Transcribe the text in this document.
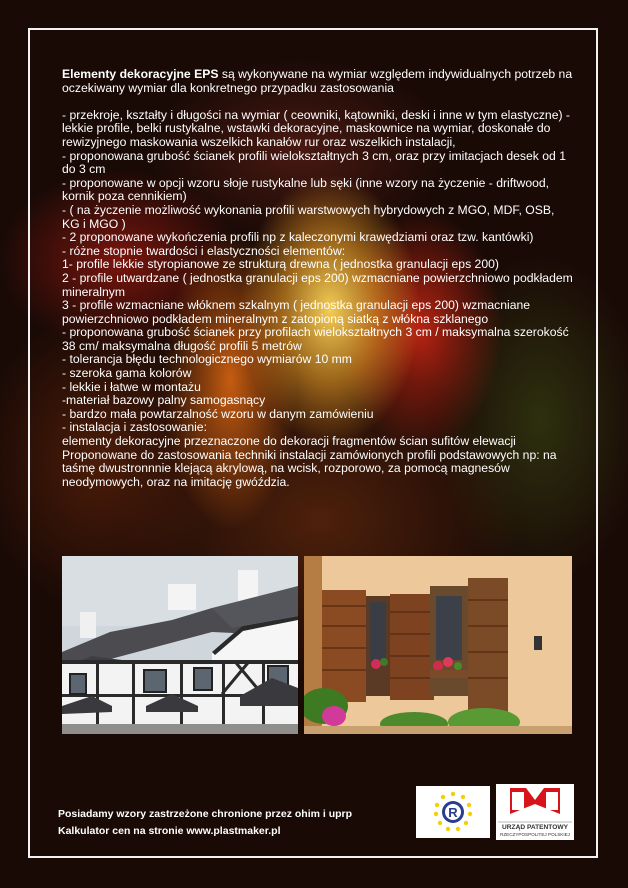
Elementy dekoracyjne EPS są wykonywane na wymiar względem indywidualnych potrzeb na oczekiwany wymiar dla konkretnego przypadku zastosowania

- przekroje, kształty i długości na wymiar ( ceowniki, kątowniki, deski i inne w tym elastyczne) - lekkie profile, belki rustykalne, wstawki dekoracyjne, maskownice na wymiar, doskonałe do rewizyjnego maskowania wszelkich kanałów rur oraz wszelkich instalacji,

- proponowana grubość ścianek profili wielokształtnych 3 cm, oraz przy imitacjach desek od 1 do 3 cm

- proponowane w opcji wzoru słoje rustykalne lub sęki (inne wzory na życzenie - driftwood, kornik poza cennikiem)

- ( na życzenie możliwość wykonania profili warstwowych hybrydowych z MGO, MDF, OSB, KG i MGO )

- 2 proponowane wykończenia profili np z kaleczonymi krawędziami oraz tzw. kantówki)

- różne stopnie twardości i elastyczności elementów:

1- profile lekkie styropianowe ze strukturą drewna ( jednostka granulacji eps 200)

2 - profile utwardzane ( jednostka granulacji eps 200) wzmacniane powierzchniowo podkładem mineralnym

3 - profile wzmacniane włóknem szkalnym ( jednostka granulacji eps 200) wzmacniane powierzchniowo podkładem mineralnym z zatopioną siatką z włókna szklanego

- proponowana grubość ścianek przy profilach wielokształtnych 3 cm / maksymalna szerokość 38 cm/ maksymalna długość profili 5 metrów

- tolerancja błędu technologicznego wymiarów 10 mm

- szeroka gama kolorów

- lekkie i łatwe w montażu

-materiał bazowy palny samogasnący

- bardzo mała powtarzalność wzoru w danym zamówieniu

- instalacja i zastosowanie:

elementy dekoracyjne przeznaczone do dekoracji fragmentów ścian sufitów elewacji

Proponowane do zastosowania techniki instalacji zamówionych profili podstawowych np: na taśmę dwustronnnie klejącą akrylową, na wcisk, rozporowo, za pomocą magnesów neodymowych, oraz na imitację gwóździa.

Posiadamy wzory zastrzeżone chronione przez ohim i uprp
Kalkulator cen na stronie www.plastmaker.pl
R
URZĄD PATENTOWY
RZECZYPOSPOLITEJ POLSKIEJ
